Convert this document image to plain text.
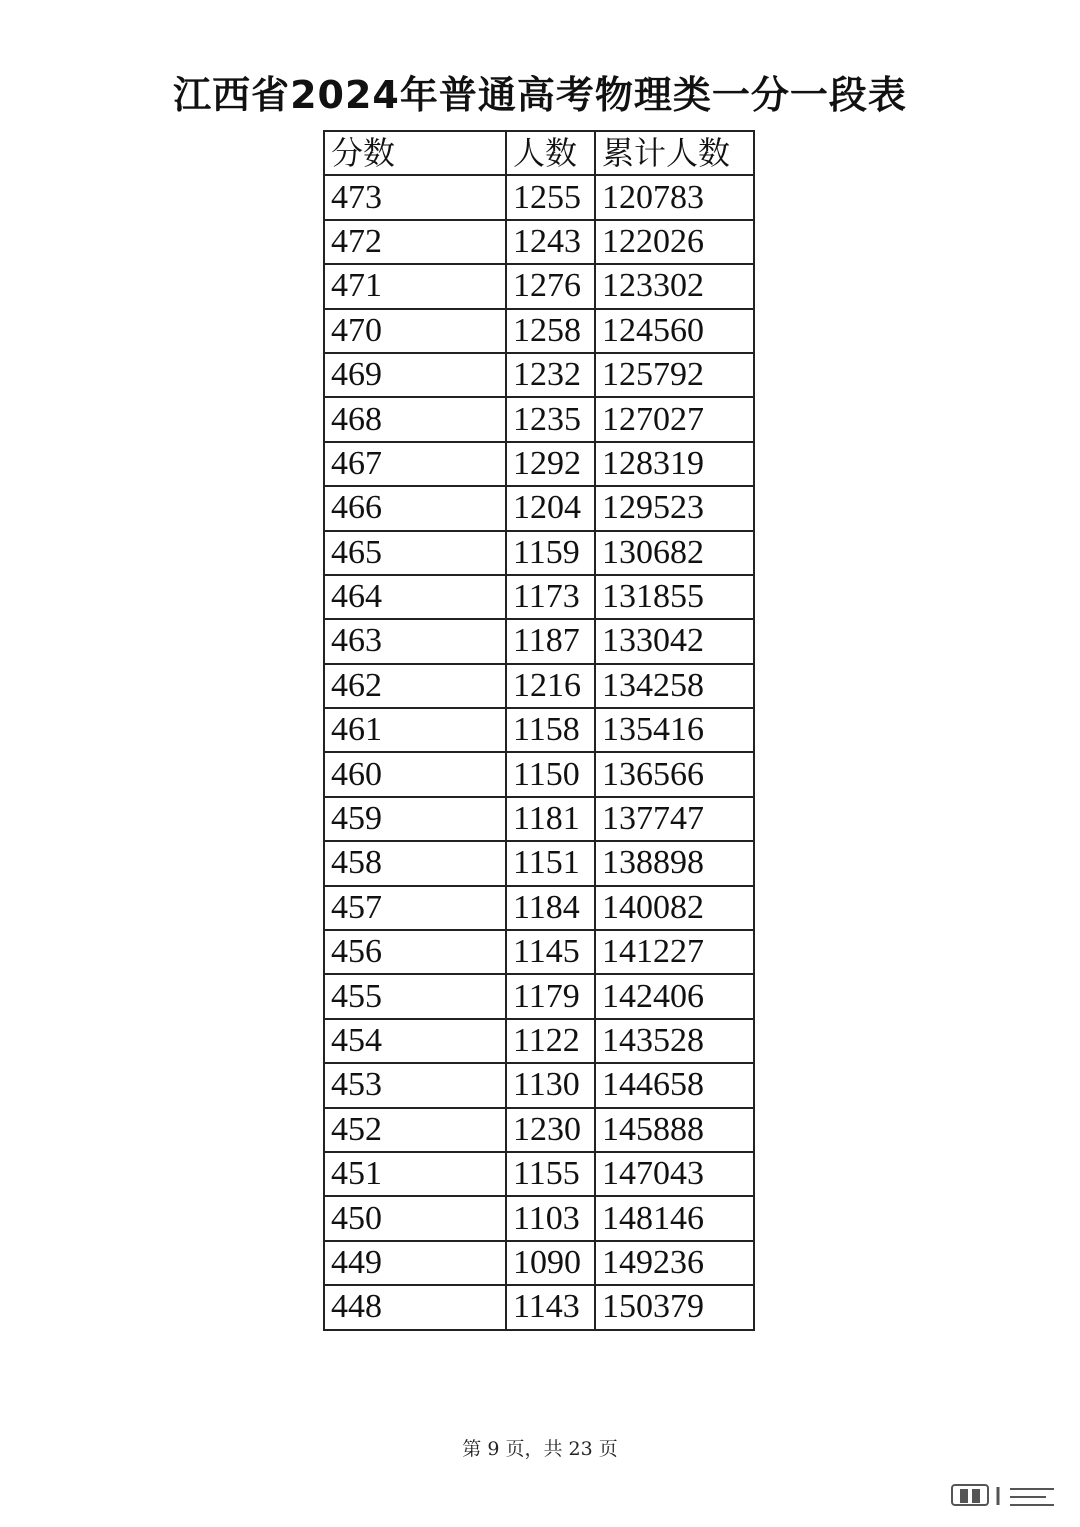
江西省2024年普通高考物理类一分一段表
分数	人数	累计人数
473	1255	120783
472	1243	122026
471	1276	123302
470	1258	124560
469	1232	125792
468	1235	127027
467	1292	128319
466	1204	129523
465	1159	130682
464	1173	131855
463	1187	133042
462	1216	134258
461	1158	135416
460	1150	136566
459	1181	137747
458	1151	138898
457	1184	140082
456	1145	141227
455	1179	142406
454	1122	143528
453	1130	144658
452	1230	145888
451	1155	147043
450	1103	148146
449	1090	149236
448	1143	150379
第 9 页，共 23 页
